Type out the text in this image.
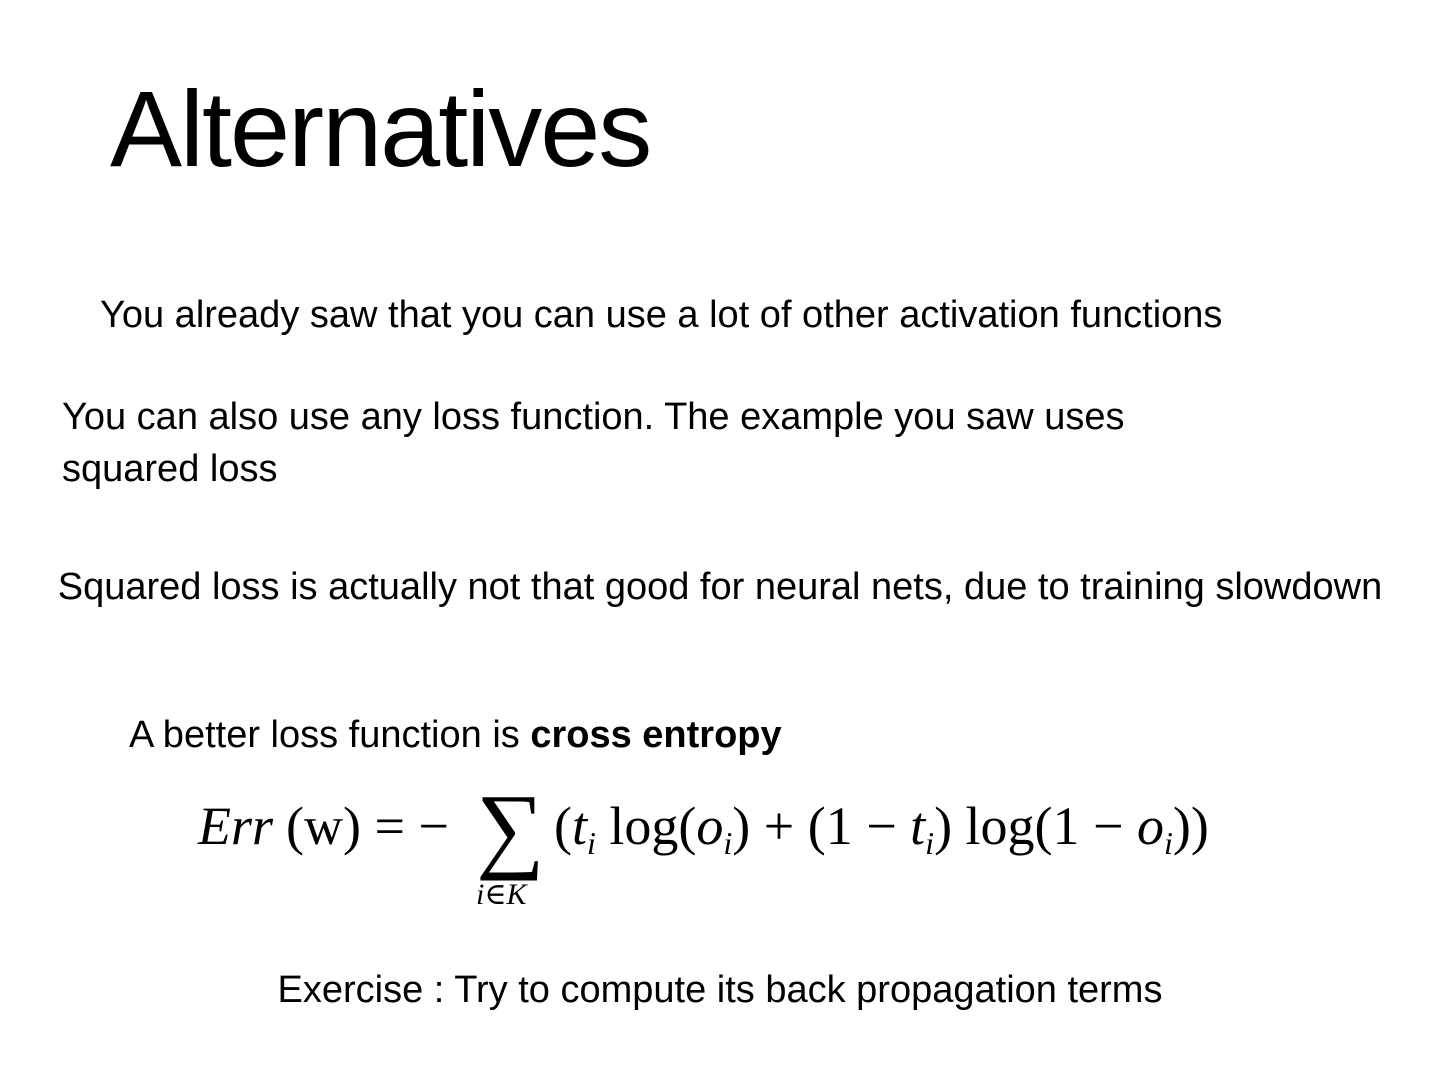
Alternatives

You already saw that you can use a lot of other activation functions

You can also use any loss function. The example you saw uses
squared loss

Squared loss is actually not that good for neural nets, due to training slowdown

A better loss function is cross entropy

Err (w) = − ∑
i∈K
(ti log(oi) + (1 − ti) log(1 − oi))

Exercise : Try to compute its back propagation terms
